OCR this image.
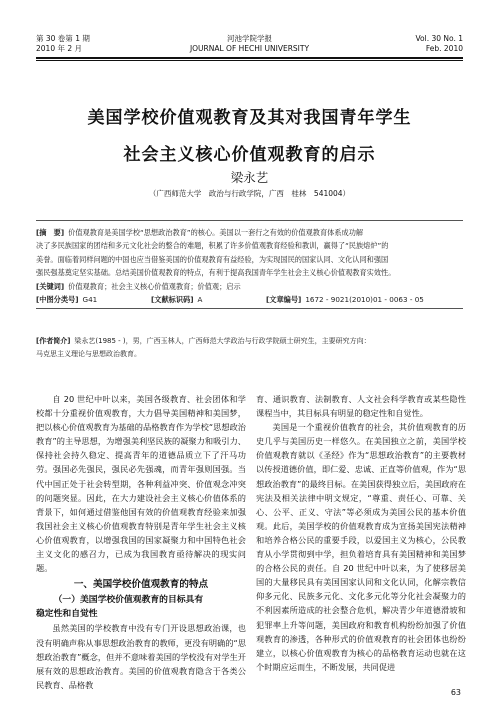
第 30 卷第 1 期
2010 年 2 月
河池学院学报
JOURNAL OF HECHI UNIVERSITY
Vol. 30 No. 1
Feb. 2010
美国学校价值观教育及其对我国青年学生
社会主义核心价值观教育的启示
梁永艺
（广西师范大学　政治与行政学院，广西　桂林　541004）
[摘　要] 价值观教育是美国学校“思想政治教育”的核心。美国以一套行之有效的价值观教育体系成功解
决了多民族国家的团结和多元文化社会的整合的难题，积累了许多价值观教育经验和教训，赢得了“民族熔炉”的
美誉。面临着同样问题的中国也应当借鉴美国的价值观教育有益经验，为实现国民的国家认同、文化认同和强国
强民强基奠定坚实基础。总结美国价值观教育的特点，有利于提高我国青年学生社会主义核心价值观教育实效性。
[关键词] 价值观教育；社会主义核心价值观教育；价值观；启示
[中图分类号] G41	[文献标识码] A	[文章编号] 1672 - 9021(2010)01 - 0063 - 05
[作者简介] 梁永艺(1985 - )，男，广西玉林人，广西师范大学政治与行政学院硕士研究生，主要研究方向：
马克思主义理论与思想政治教育。

自 20 世纪中叶以来，美国各级教育、社会团体和学校都十分重视价值观教育，大力倡导美国精神和美国梦，把以核心价值观教育为基础的品格教育作为学校“思想政治教育”的主导思想，为增强美利坚民族的凝聚力和吸引力、保持社会持久稳定、提高青年的道德品质立下了汗马功劳。强国必先强民，强民必先强魂，而青年强则国强。当代中国正处于社会转型期，各种利益冲突、价值观念冲突的问题突显。因此，在大力建设社会主义核心价值体系的背景下，如何通过借鉴他国有效的价值观教育经验来加强我国社会主义核心价值观教育特别是青年学生社会主义核心价值观教育，以增强我国的国家凝聚力和中国特色社会主义文化的感召力，已成为我国教育亟待解决的现实问题。

一、美国学校价值观教育的特点

（一）美国学校价值观教育的目标具有
稳定性和自觉性

虽然美国的学校教育中没有专门开设思想政治课，也没有明确声称从事思想政治教育的教师，更没有明确的“思想政治教育”概念，但并不意味着美国的学校没有对学生开展有效的思想政治教育。美国的价值观教育隐含于各类公民教育、品格教

育、通识教育、法制教育、人文社会科学教育或某些隐性课程当中，其目标具有明显的稳定性和自觉性。

美国是一个重视价值教育的社会，其价值观教育的历史几乎与美国历史一样悠久。在美国独立之前，美国学校价值观教育就以《圣经》作为“思想政治教育”的主要教材以传授道德价值，即仁爱、忠诚、正直等价值观，作为“思想政治教育”的最终目标。在美国获得独立后，美国政府在宪法及相关法律中明文规定，“尊重、责任心、可靠、关心、公平、正义、守法”等必须成为美国公民的基本价值观。此后，美国学校的价值观教育成为宣扬美国宪法精神和培养合格公民的重要手段，以爱国主义为核心，公民教育从小学贯彻到中学，担负着培育具有美国精神和美国梦的合格公民的责任。自 20 世纪中叶以来，为了使移居美国的大量移民具有美国国家认同和文化认同，化解宗教信仰多元化、民族多元化、文化多元化等分化社会凝聚力的不利因素所造成的社会整合危机，解决青少年道德滑坡和犯罪率上升等问题，美国政府和教育机构纷纷加强了价值观教育的渗透，各种形式的价值观教育的社会团体也纷纷建立，以核心价值观教育为核心的品格教育运动也就在这个时期应运而生，不断发展，共同促进

63
